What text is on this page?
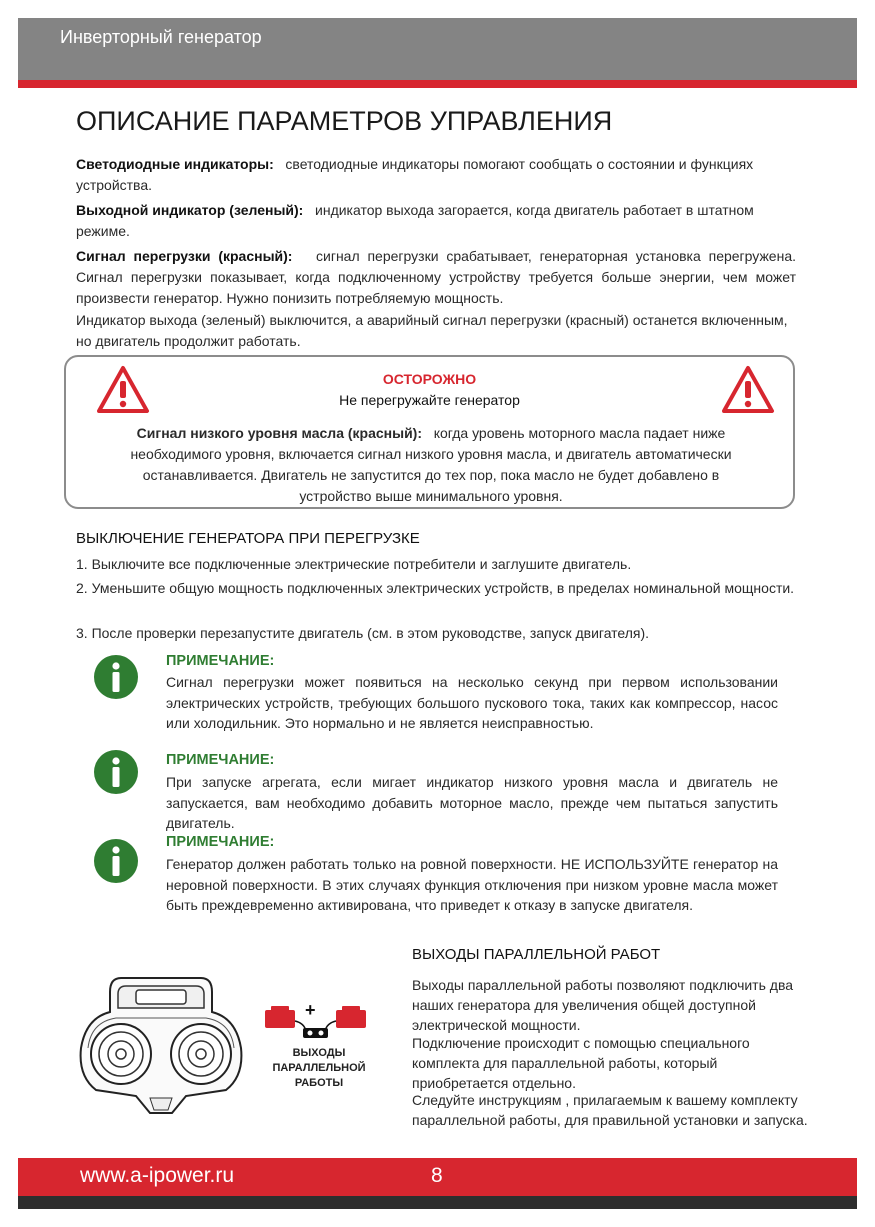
Инверторный генератор
ОПИСАНИЕ ПАРАМЕТРОВ УПРАВЛЕНИЯ
Светодиодные индикаторы: светодиодные индикаторы помогают сообщать о состоянии и функциях устройства.
Выходной индикатор (зеленый): индикатор выхода загорается, когда двигатель работает в штатном режиме.
Сигнал перегрузки (красный): сигнал перегрузки срабатывает, генераторная установка перегружена. Сигнал перегрузки показывает, когда подключенному устройству требуется больше энергии, чем может произвести генератор. Нужно понизить потребляемую мощность.
Индикатор выхода (зеленый) выключится, а аварийный сигнал перегрузки (красный) останется включенным, но двигатель продолжит работать.
ОСТОРОЖНО
Не перегружайте генератор
Сигнал низкого уровня масла (красный): когда уровень моторного масла падает ниже необходимого уровня, включается сигнал низкого уровня масла, и двигатель автоматически останавливается. Двигатель не запустится до тех пор, пока масло не будет добавлено в устройство выше минимального уровня.
ВЫКЛЮЧЕНИЕ ГЕНЕРАТОРА ПРИ ПЕРЕГРУЗКЕ
1. Выключите все подключенные электрические потребители и заглушите двигатель.
2. Уменьшите общую мощность подключенных электрических устройств, в пределах номинальной мощности.
3. После проверки перезапустите двигатель (см. в этом руководстве, запуск двигателя).
ПРИМЕЧАНИЕ:
Сигнал перегрузки может появиться на несколько секунд при первом использовании электрических устройств, требующих большого пускового тока, таких как компрессор, насос или холодильник. Это нормально и не является неисправностью.
ПРИМЕЧАНИЕ:
При запуске агрегата, если мигает индикатор низкого уровня масла и двигатель не запускается, вам необходимо добавить моторное масло, прежде чем пытаться запустить двигатель.
ПРИМЕЧАНИЕ:
Генератор должен работать только на ровной поверхности. НЕ ИСПОЛЬЗУЙТЕ генератор на неровной поверхности. В этих случаях функция отключения при низком уровне масла может быть преждевременно активирована, что приведет к отказу в запуске двигателя.
ВЫХОДЫ ПАРАЛЛЕЛЬНОЙ РАБОТ
Выходы параллельной работы позволяют подключить два наших генератора для увеличения общей доступной электрической мощности.
Подключение происходит с помощью специального комплекта для параллельной работы, который приобретается отдельно.
Следуйте инструкциям , прилагаемым к вашему комплекту параллельной работы, для правильной установки и запуска.
+
ВЫХОДЫ
ПАРАЛЛЕЛЬНОЙ
РАБОТЫ
www.a-ipower.ru	8
